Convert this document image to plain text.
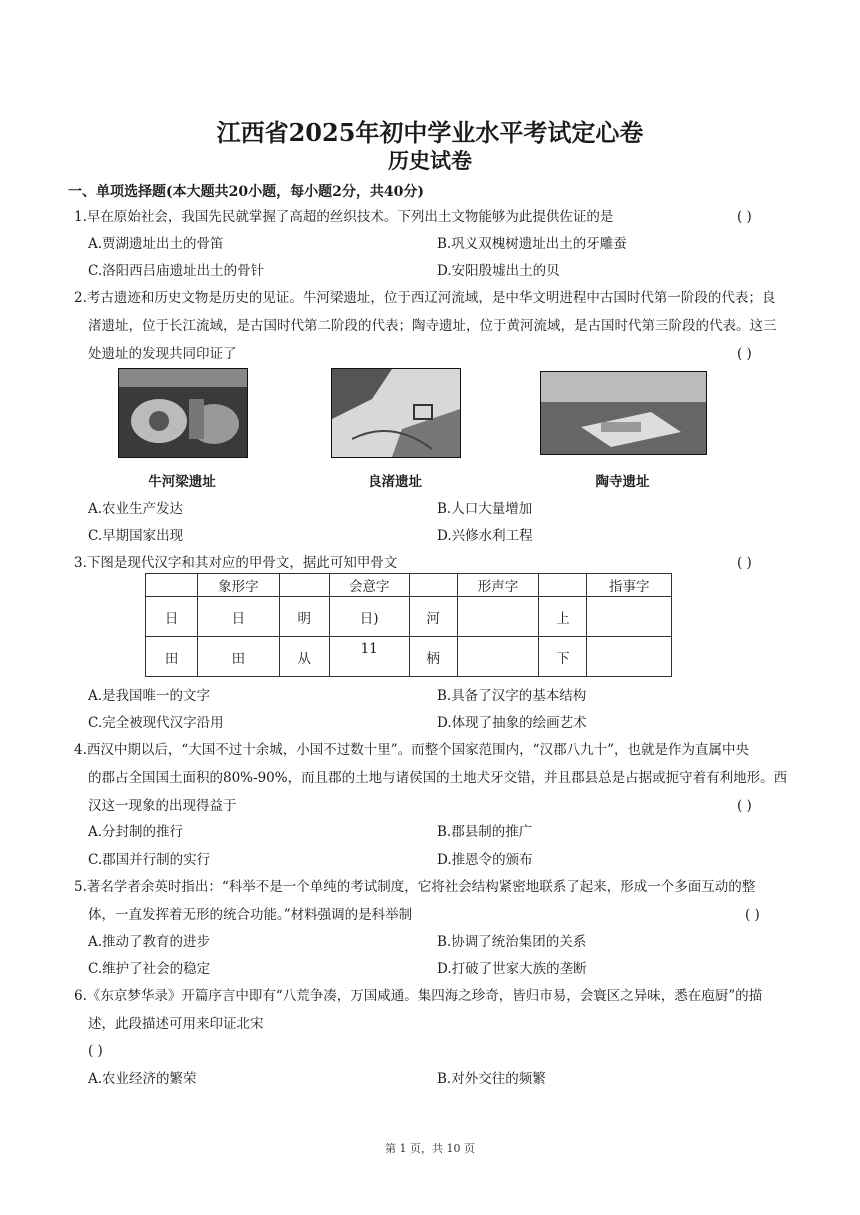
江西省2025年初中学业水平考试定心卷
历史试卷
一、单项选择题(本大题共20小题，每小题2分，共40分)
1.早在原始社会，我国先民就掌握了高超的丝织技术。下列出土文物能够为此提供佐证的是	( )
A.贾湖遗址出土的骨笛	B.巩义双槐树遗址出土的牙雕蚕
C.洛阳西吕庙遗址出土的骨针	D.安阳殷墟出土的贝
2.考古遗迹和历史文物是历史的见证。牛河梁遗址，位于西辽河流域，是中华文明进程中古国时代第一阶段的代表；良
渚遗址，位于长江流域，是古国时代第二阶段的代表；陶寺遗址，位于黄河流域，是古国时代第三阶段的代表。这三
处遗址的发现共同印证了	( )
牛河梁遗址	良渚遗址	陶寺遗址
A.农业生产发达	B.人口大量增加
C.早期国家出现	D.兴修水利工程
3.下图是现代汉字和其对应的甲骨文，据此可知甲骨文	( )
	象形字		会意字		形声字		指事字
日	日	明	日)	河		上	
田	田	从	11	柄		下	
A.是我国唯一的文字	B.具备了汉字的基本结构
C.完全被现代汉字沿用	D.体现了抽象的绘画艺术
4.西汉中期以后，“大国不过十余城，小国不过数十里”。而整个国家范围内，“汉郡八九十”，也就是作为直属中央
的郡占全国国土面积的80%-90%，而且郡的土地与诸侯国的土地犬牙交错，并且郡县总是占据或扼守着有利地形。西
汉这一现象的出现得益于	( )
A.分封制的推行	B.郡县制的推广
C.郡国并行制的实行	D.推恩令的颁布
5.著名学者余英时指出：“科举不是一个单纯的考试制度，它将社会结构紧密地联系了起来，形成一个多面互动的整
体，一直发挥着无形的统合功能。”材料强调的是科举制	( )
A.推动了教育的进步	B.协调了统治集团的关系
C.维护了社会的稳定	D.打破了世家大族的垄断
6.《东京梦华录》开篇序言中即有“八荒争凑，万国咸通。集四海之珍奇，皆归市易，会寰区之异味，悉在庖厨”的描
述，此段描述可用来印证北宋
( )
A.农业经济的繁荣	B.对外交往的频繁
第 1 页，共 10 页
